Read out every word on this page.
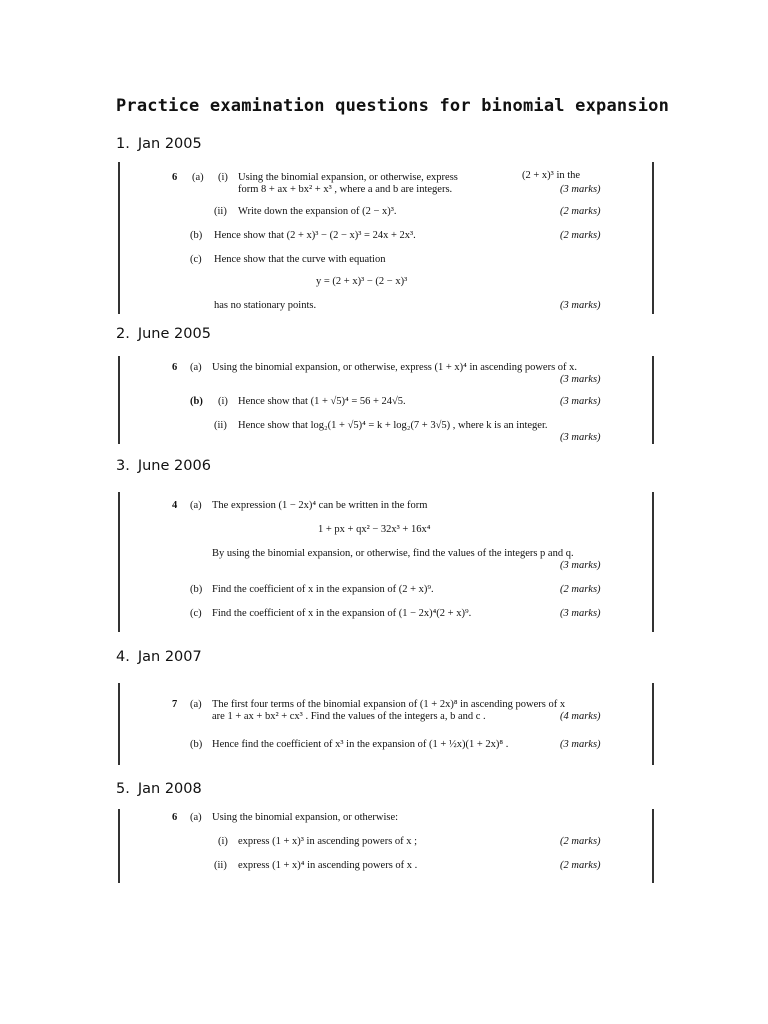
Practice examination questions for binomial expansion

1. Jan 2005

6 (a) (i) Using the binomial expansion, or otherwise, express	(2 + x)³ in the
form 8 + ax + bx² + x³ , where a and b are integers.	(3 marks)
(ii) Write down the expansion of (2 − x)³.	(2 marks)
(b) Hence show that (2 + x)³ − (2 − x)³ = 24x + 2x³.	(2 marks)
(c) Hence show that the curve with equation
y = (2 + x)³ − (2 − x)³
has no stationary points.	(3 marks)

2. June 2005

6 (a) Using the binomial expansion, or otherwise, express (1 + x)⁴ in ascending powers of x.
(3 marks)
(b) (i) Hence show that (1 + √5)⁴ = 56 + 24√5.	(3 marks)
(ii) Hence show that log₂(1 + √5)⁴ = k + log₂(7 + 3√5) , where k is an integer.
(3 marks)

3. June 2006

4 (a) The expression (1 − 2x)⁴ can be written in the form
1 + px + qx² − 32x³ + 16x⁴
By using the binomial expansion, or otherwise, find the values of the integers p and q.
(3 marks)
(b) Find the coefficient of x in the expansion of (2 + x)⁹.	(2 marks)
(c) Find the coefficient of x in the expansion of (1 − 2x)⁴(2 + x)⁹.	(3 marks)

4. Jan 2007

7 (a) The first four terms of the binomial expansion of (1 + 2x)⁸ in ascending powers of x
are 1 + ax + bx² + cx³ . Find the values of the integers a, b and c .	(4 marks)
(b) Hence find the coefficient of x³ in the expansion of (1 + ½x)(1 + 2x)⁸ .	(3 marks)

5. Jan 2008

6 (a) Using the binomial expansion, or otherwise:
(i) express (1 + x)³ in ascending powers of x ;	(2 marks)
(ii) express (1 + x)⁴ in ascending powers of x .	(2 marks)
